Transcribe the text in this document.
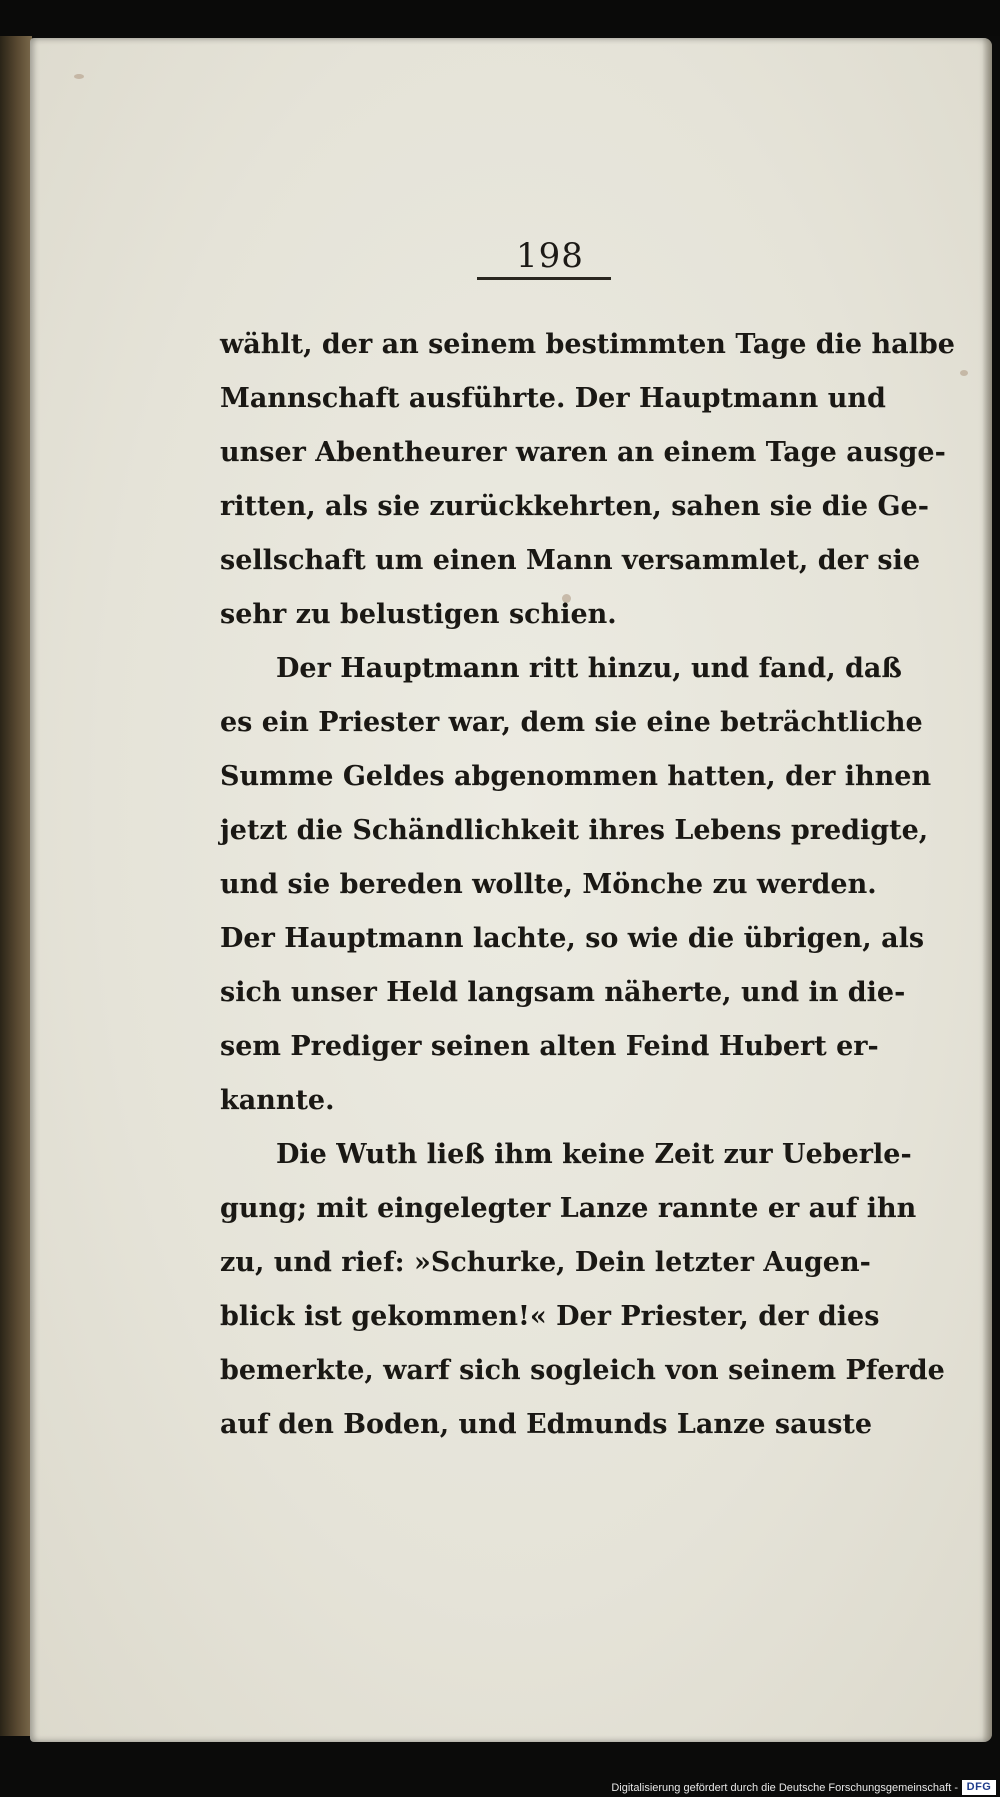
198
wählt, der an seinem bestimmten Tage die halbe
Mannschaft ausführte. Der Hauptmann und
unser Abentheurer waren an einem Tage ausge-
ritten, als sie zurückkehrten, sahen sie die Ge-
sellschaft um einen Mann versammlet, der sie
sehr zu belustigen schien.
Der Hauptmann ritt hinzu, und fand, daß
es ein Priester war, dem sie eine beträchtliche
Summe Geldes abgenommen hatten, der ihnen
jetzt die Schändlichkeit ihres Lebens predigte,
und sie bereden wollte, Mönche zu werden.
Der Hauptmann lachte, so wie die übrigen, als
sich unser Held langsam näherte, und in die-
sem Prediger seinen alten Feind Hubert er-
kannte.
Die Wuth ließ ihm keine Zeit zur Ueberle-
gung; mit eingelegter Lanze rannte er auf ihn
zu, und rief: »Schurke, Dein letzter Augen-
blick ist gekommen!« Der Priester, der dies
bemerkte, warf sich sogleich von seinem Pferde
auf den Boden, und Edmunds Lanze sauste
Digitalisierung gefördert durch die Deutsche Forschungsgemeinschaft - DFG
